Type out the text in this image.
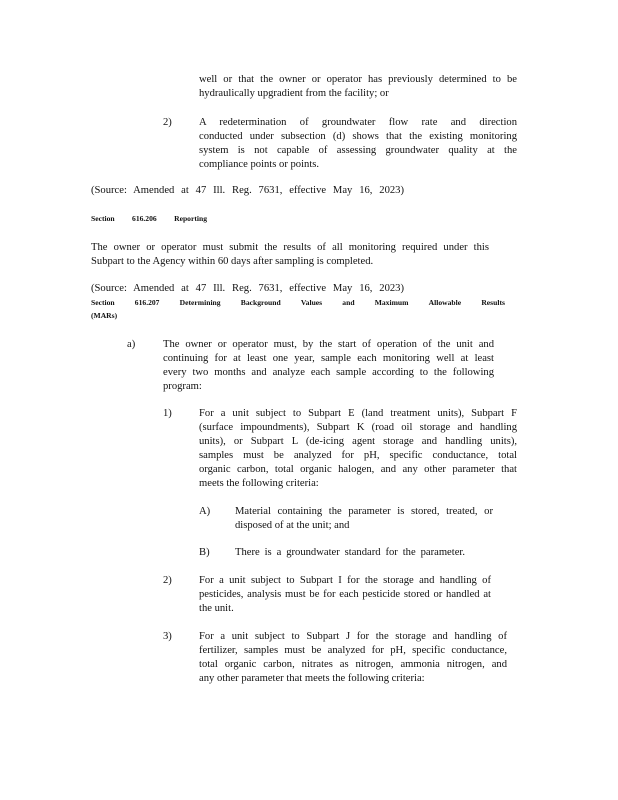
well or that the owner or operator has previously determined to be
hydraulically upgradient from the facility; or
2)	A redetermination of groundwater flow rate and direction
conducted under subsection (d) shows that the existing monitoring
system is not capable of assessing groundwater quality at the
compliance points or points.
(Source: Amended at 47 Ill. Reg. 7631, effective May 16, 2023)
Section 616.206 Reporting
The owner or operator must submit the results of all monitoring required under this
Subpart to the Agency within 60 days after sampling is completed.
(Source: Amended at 47 Ill. Reg. 7631, effective May 16, 2023)
Section	616.207	Determining	Background	Values	and	Maximum	Allowable	Results
(MARs)
a)	The owner or operator must, by the start of operation of the unit and
continuing for at least one year, sample each monitoring well at least
every two months and analyze each sample according to the following
program:
1)	For a unit subject to Subpart E (land treatment units), Subpart F
(surface impoundments), Subpart K (road oil storage and handling
units), or Subpart L (de-icing agent storage and handling units),
samples must be analyzed for pH, specific conductance, total
organic carbon, total organic halogen, and any other parameter that
meets the following criteria:
A) Material containing the parameter is stored, treated, or
disposed of at the unit; and
B) There is a groundwater standard for the parameter.
2)	For a unit subject to Subpart I for the storage and handling of
pesticides, analysis must be for each pesticide stored or handled at
the unit.
3)	For a unit subject to Subpart J for the storage and handling of
fertilizer, samples must be analyzed for pH, specific conductance,
total organic carbon, nitrates as nitrogen, ammonia nitrogen, and
any other parameter that meets the following criteria:
